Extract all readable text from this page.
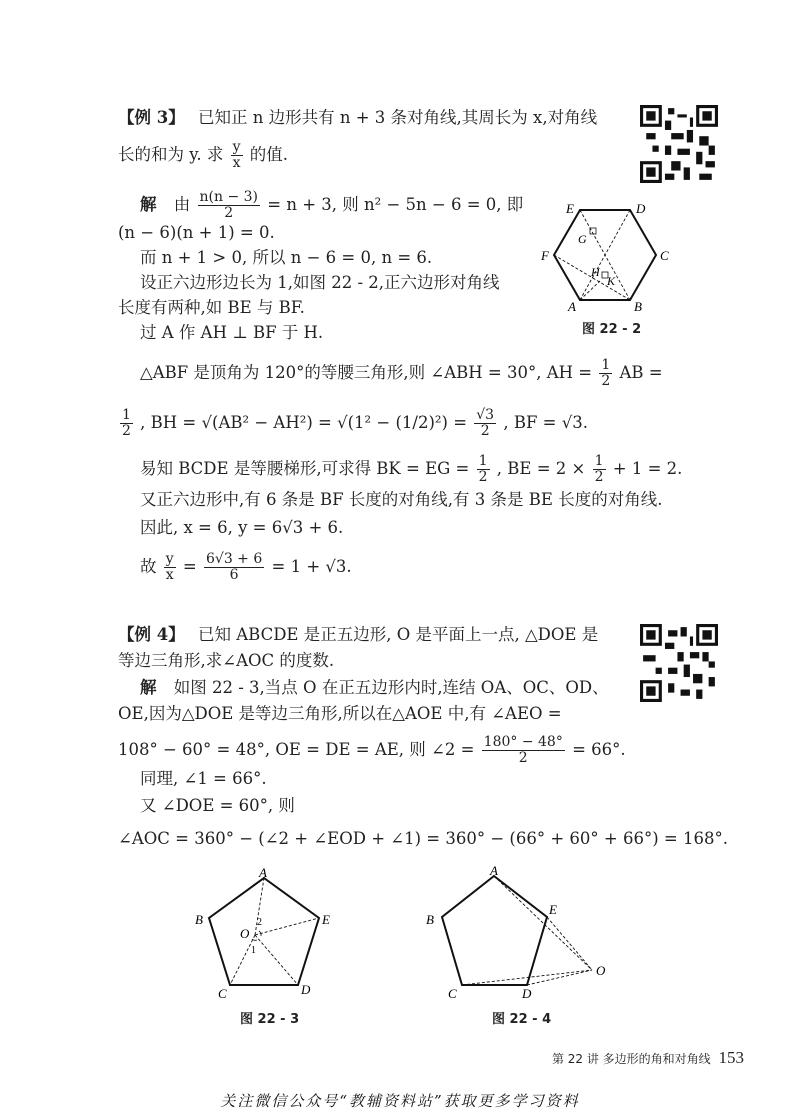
【例 3】 已知正 n 边形共有 n + 3 条对角线,其周长为 x,对角线
长的和为 y. 求 $\frac{y}{x}$ 的值.
解 由 $\frac{n(n - 3)}{2} = n + 3$, 则 n² − 5n − 6 = 0, 即
(n − 6)(n + 1) = 0.
而 n + 1 > 0, 所以 n − 6 = 0, n = 6.
设正六边形边长为 1,如图 22 - 2,正六边形对角线
长度有两种,如 BE 与 BF.
过 A 作 AH ⊥ BF 于 H.
△ABF 是顶角为 120°的等腰三角形,则 ∠ABH = 30°, AH = $\frac{1}{2}$ AB =
$\frac{1}{2}$ , BH = $√(AB^2 - AH^2) = √(1^2 - (1/2)^2) = \frac{√3}{2}$ , BF = √3.
易知 BCDE 是等腰梯形,可求得 BK = EG = $\frac{1}{2}$ , BE = $2 \times \frac{1}{2} + 1 = 2$.
又正六边形中,有 6 条是 BF 长度的对角线,有 3 条是 BE 长度的对角线.
因此, x = 6, y = 6√3 + 6.
故 $\frac{y}{x} = \frac{6√3 + 6}{6} = 1 + √3$.
E	D
C
F
A	B
G
H
K
图 22 - 2
【例 4】 已知 ABCDE 是正五边形, O 是平面上一点, △DOE 是
等边三角形,求∠AOC 的度数.
解 如图 22 - 3,当点 O 在正五边形内时,连结 OA、OC、OD、
OE,因为△DOE 是等边三角形,所以在△AOE 中,有 ∠AEO =
108° − 60° = 48°, OE = DE = AE, 则 ∠2 = $\frac{180^\circ - 48^\circ}{2} = 66^\circ$.
同理, ∠1 = 66°.
又 ∠DOE = 60°, 则
∠AOC = 360° − (∠2 + ∠EOD + ∠1) = 360° − (66° + 60° + 66°) = 168°.
A
B	E
C	D
O
2
1
图 22 - 3
A
B
E
C	D
O
图 22 - 4
第 22 讲 多边形的角和对角线 153
关注微信公众号“教辅资料站”获取更多学习资料
